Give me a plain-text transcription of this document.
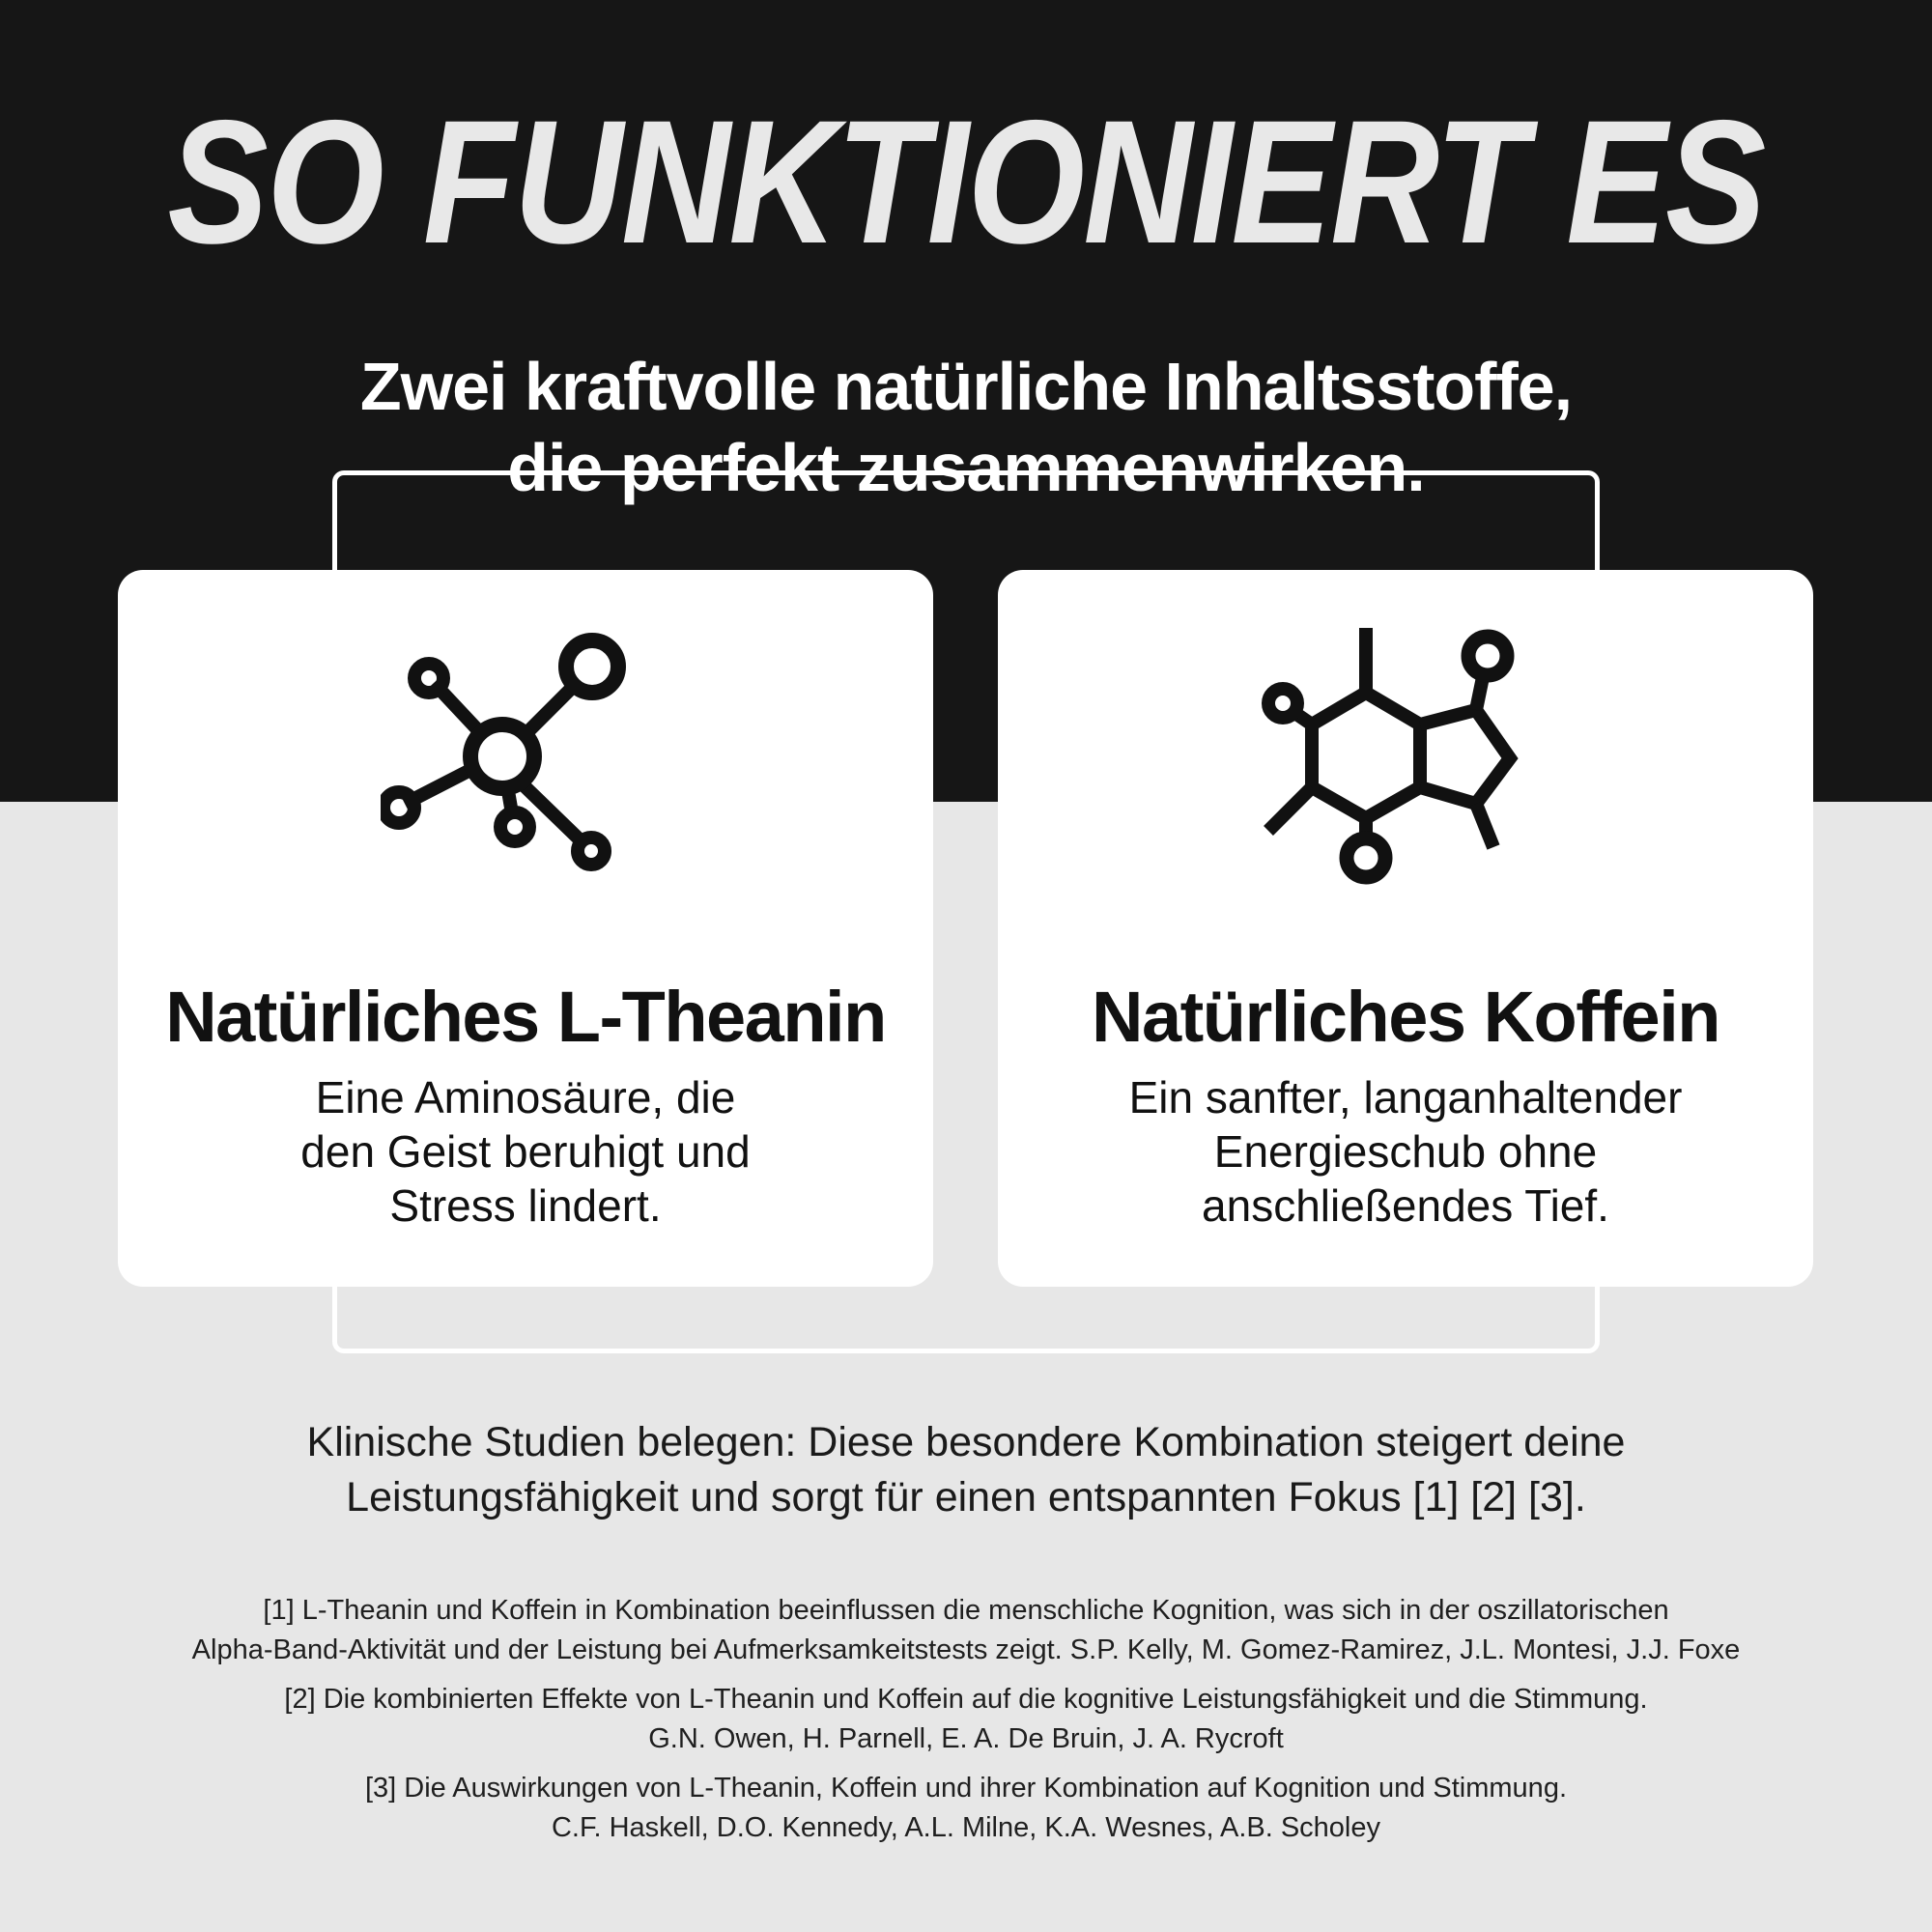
SO FUNKTIONIERT ES
Zwei kraftvolle natürliche Inhaltsstoffe,
die perfekt zusammenwirken.
Natürliches L-Theanin
Eine Aminosäure, die
den Geist beruhigt und
Stress lindert.
Natürliches Koffein
Ein sanfter, langanhaltender
Energieschub ohne
anschließendes Tief.
Klinische Studien belegen: Diese besondere Kombination steigert deine
Leistungsfähigkeit und sorgt für einen entspannten Fokus [1] [2] [3].
[1] L-Theanin und Koffein in Kombination beeinflussen die menschliche Kognition, was sich in der oszillatorischen
Alpha-Band-Aktivität und der Leistung bei Aufmerksamkeitstests zeigt. S.P. Kelly, M. Gomez-Ramirez, J.L. Montesi, J.J. Foxe
[2] Die kombinierten Effekte von L-Theanin und Koffein auf die kognitive Leistungsfähigkeit und die Stimmung.
G.N. Owen, H. Parnell, E. A. De Bruin, J. A. Rycroft
[3] Die Auswirkungen von L-Theanin, Koffein und ihrer Kombination auf Kognition und Stimmung.
C.F. Haskell, D.O. Kennedy, A.L. Milne, K.A. Wesnes, A.B. Scholey
